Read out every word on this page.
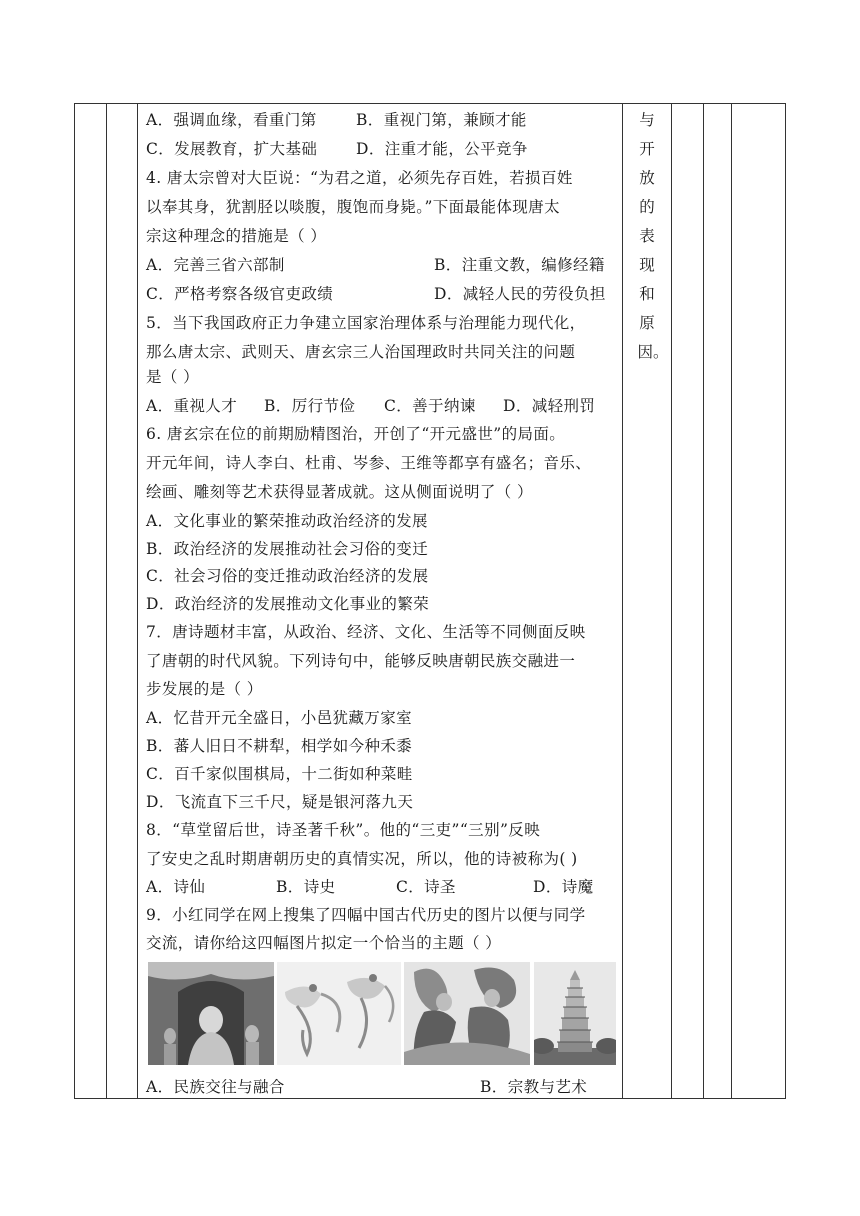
A．强调血缘，看重门第	B．重视门第，兼顾才能
C．发展教育，扩大基础 D．注重才能，公平竞争
4. 唐太宗曾对大臣说：“为君之道，必须先存百姓，若损百姓
以奉其身，犹割胫以啖腹，腹饱而身毙。”下面最能体现唐太
宗这种理念的措施是（ ）
A．完善三省六部制	B．注重文教，编修经籍
C．严格考察各级官吏政绩	D．减轻人民的劳役负担
5．当下我国政府正力争建立国家治理体系与治理能力现代化，
那么唐太宗、武则天、唐玄宗三人治国理政时共同关注的问题
是（ ）
A．重视人才 B．厉行节俭 C．善于纳谏 D．减轻刑罚
6. 唐玄宗在位的前期励精图治，开创了“开元盛世”的局面。
开元年间，诗人李白、杜甫、岑参、王维等都享有盛名；音乐、
绘画、雕刻等艺术获得显著成就。这从侧面说明了（ ）
A．文化事业的繁荣推动政治经济的发展
B．政治经济的发展推动社会习俗的变迁
C．社会习俗的变迁推动政治经济的发展
D．政治经济的发展推动文化事业的繁荣
7．唐诗题材丰富，从政治、经济、文化、生活等不同侧面反映
了唐朝的时代风貌。下列诗句中，能够反映唐朝民族交融进一
步发展的是（ ）
A．忆昔开元全盛日，小邑犹藏万家室
B．蕃人旧日不耕犁，相学如今种禾黍
C．百千家似围棋局，十二街如种菜畦
D．飞流直下三千尺，疑是银河落九天
8．“草堂留后世，诗圣著千秋”。他的“三吏”“三别”反映
了安史之乱时期唐朝历史的真情实况，所以，他的诗被称为( )
A．诗仙	B．诗史	C．诗圣	D．诗魔
9．小红同学在网上搜集了四幅中国古代历史的图片以便与同学
交流，请你给这四幅图片拟定一个恰当的主题（ ）
A．民族交往与融合	B．宗教与艺术
与
开
放
的
表
现
和
原
因。
